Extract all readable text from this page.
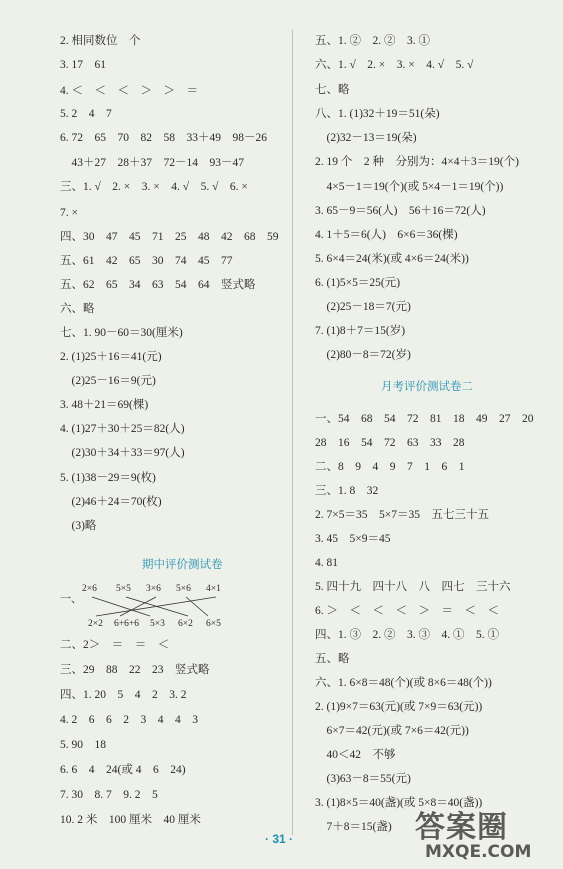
2. 相同数位　个
3. 17　61
4. ＜　＜　＜　＞　＞　＝
5. 2　4　7
6. 72　65　70　82　58　33＋49　98－26
　43＋27　28＋37　72－14　93－47
三、1. √　2. ×　3. ×　4. √　5. √　6. ×
7. ×
四、30　47　45　71　25　48　42　68　59
五、61　42　65　30　74　45　77
五、62　65　34　63　54　64　竖式略
六、略
七、1. 90－60＝30(厘米)
2. (1)25＋16＝41(元)
　(2)25－16＝9(元)
3. 48＋21＝69(棵)
4. (1)27＋30＋25＝82(人)
　(2)30＋34＋33＝97(人)
5. (1)38－29＝9(枚)
　(2)46＋24＝70(枚)
　(3)略
期中评价测试卷
一、
2×6 5×5 3×6 5×6 4×1
2×2 6+6+6 5×3 6×2 6×5
二、2＞　＝　＝　＜
三、29　88　22　23　竖式略
四、1. 20　5　4　2　3. 2
4. 2　6　6　2　3　4　4　3
5. 90　18
6. 6　4　24(或 4　6　24)
7. 30　8. 7　9. 2　5
10. 2 米　100 厘米　40 厘米
五、1. ②　2. ②　3. ①
六、1. √　2. ×　3. ×　4. √　5. √
七、略
八、1. (1)32＋19＝51(朵)
　(2)32－13＝19(朵)
2. 19 个　2 种　分别为：4×4＋3＝19(个)
　4×5－1＝19(个)(或 5×4－1＝19(个))
3. 65－9＝56(人)　56＋16＝72(人)
4. 1＋5＝6(人)　6×6＝36(棵)
5. 6×4＝24(米)(或 4×6＝24(米))
6. (1)5×5＝25(元)
　(2)25－18＝7(元)
7. (1)8＋7＝15(岁)
　(2)80－8＝72(岁)
月考评价测试卷二
一、54　68　54　72　81　18　49　27　20
28　16　54　72　63　33　28
二、8　9　4　9　7　1　6　1
三、1. 8　32
2. 7×5＝35　5×7＝35　五七三十五
3. 45　5×9＝45
4. 81
5. 四十九　四十八　八　四七　三十六
6. ＞　＜　＜　＜　＞　＝　＜　＜
四、1. ③　2. ②　3. ③　4. ①　5. ①
五、略
六、1. 6×8＝48(个)(或 8×6＝48(个))
2. (1)9×7＝63(元)(或 7×9＝63(元))
　6×7＝42(元)(或 7×6＝42(元))
　40＜42　不够
　(3)63－8＝55(元)
3. (1)8×5＝40(盏)(或 5×8＝40(盏))
　7＋8＝15(盏)
· 31 ·	答案圈
MXQE.COM
